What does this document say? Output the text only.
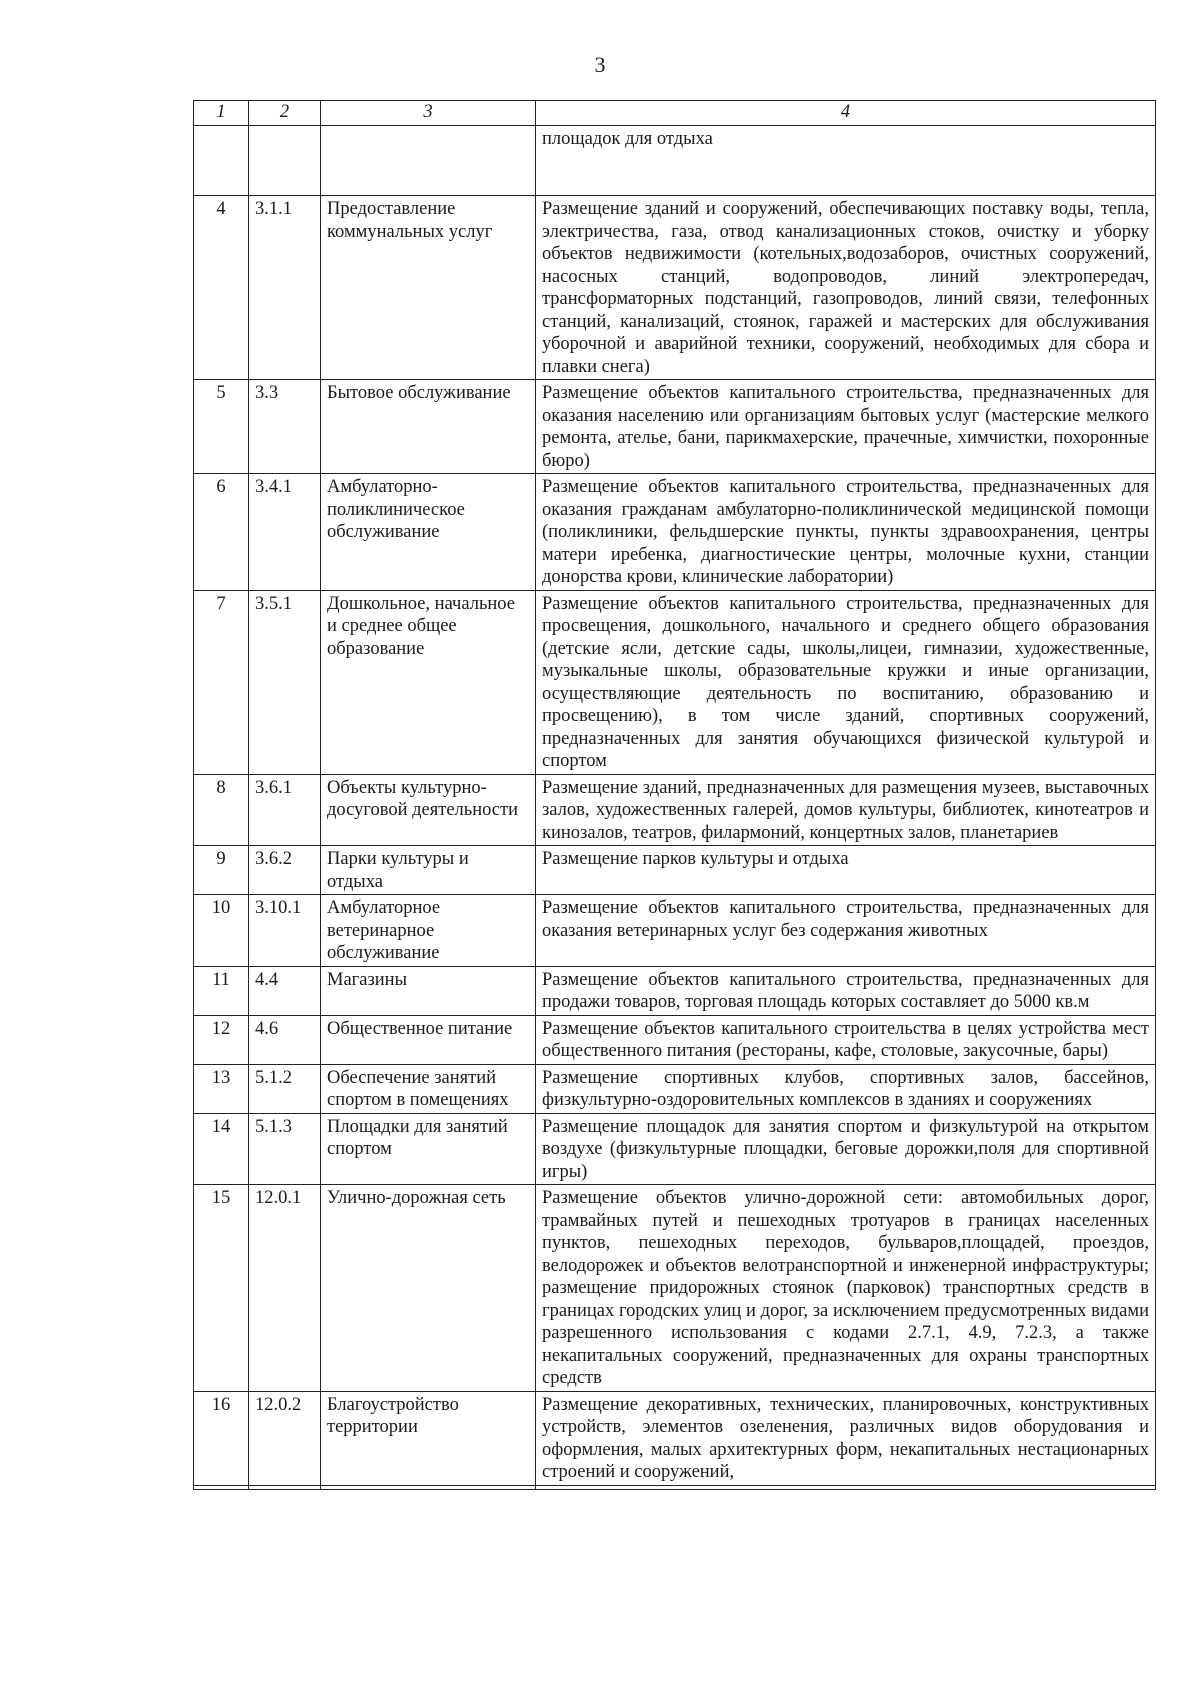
3
1	2	3	4
			площадок для отдыха
4	3.1.1	Предоставление коммунальных услуг	Размещение зданий и сооружений, обеспечивающих поставку воды, тепла, электричества, газа, отвод канализационных стоков, очистку и уборку объектов недвижимости (котельных,водозаборов, очистных сооружений, насосных станций, водопроводов, линий электропередач, трансформаторных подстанций, газопроводов, линий связи, телефонных станций, канализаций, стоянок, гаражей и мастерских для обслуживания уборочной и аварийной техники, сооружений, необходимых для сбора и плавки снега)
5	3.3	Бытовое обслуживание	Размещение объектов капитального строительства, предназначенных для оказания населению или организациям бытовых услуг (мастерские мелкого ремонта, ателье, бани, парикмахерские, прачечные, химчистки, похоронные бюро)
6	3.4.1	Амбулаторно-поликлиническое обслуживание	Размещение объектов капитального строительства, предназначенных для оказания гражданам амбулаторно-поликлинической медицинской помощи (поликлиники, фельдшерские пункты, пункты здравоохранения, центры матери иребенка, диагностические центры, молочные кухни, станции донорства крови, клинические лаборатории)
7	3.5.1	Дошкольное, начальное и среднее общее образование	Размещение объектов капитального строительства, предназначенных для просвещения, дошкольного, начального и среднего общего образования (детские ясли, детские сады, школы,лицеи, гимназии, художественные, музыкальные школы, образовательные кружки и иные организации, осуществляющие деятельность по воспитанию, образованию и просвещению), в том числе зданий, спортивных сооружений, предназначенных для занятия обучающихся физической культурой и спортом
8	3.6.1	Объекты культурно-досуговой деятельности	Размещение зданий, предназначенных для размещения музеев, выставочных залов, художественных галерей, домов культуры, библиотек, кинотеатров и кинозалов, театров, филармоний, концертных залов, планетариев
9	3.6.2	Парки культуры и отдыха	Размещение парков культуры и отдыха
10	3.10.1	Амбулаторное ветеринарное обслуживание	Размещение объектов капитального строительства, предназначенных для оказания ветеринарных услуг без содержания животных
11	4.4	Магазины	Размещение объектов капитального строительства, предназначенных для продажи товаров, торговая площадь которых составляет до 5000 кв.м
12	4.6	Общественное питание	Размещение объектов капитального строительства в целях устройства мест общественного питания (рестораны, кафе, столовые, закусочные, бары)
13	5.1.2	Обеспечение занятий спортом в помещениях	Размещение спортивных клубов, спортивных залов, бассейнов, физкультурно-оздоровительных комплексов в зданиях и сооружениях
14	5.1.3	Площадки для занятий спортом	Размещение площадок для занятия спортом и физкультурой на открытом воздухе (физкультурные площадки, беговые дорожки,поля для спортивной игры)
15	12.0.1	Улично-дорожная сеть	Размещение объектов улично-дорожной сети: автомобильных дорог, трамвайных путей и пешеходных тротуаров в границах населенных пунктов, пешеходных переходов, бульваров,площадей, проездов, велодорожек и объектов велотранспортной и инженерной инфраструктуры; размещение придорожных стоянок (парковок) транспортных средств в границах городских улиц и дорог, за исключением предусмотренных видами разрешенного использования с кодами 2.7.1, 4.9, 7.2.3, а также некапитальных сооружений, предназначенных для охраны транспортных средств
16	12.0.2	Благоустройство территории	Размещение декоративных, технических, планировочных, конструктивных устройств, элементов озеленения, различных видов оборудования и оформления, малых архитектурных форм, некапитальных нестационарных строений и сооружений,
